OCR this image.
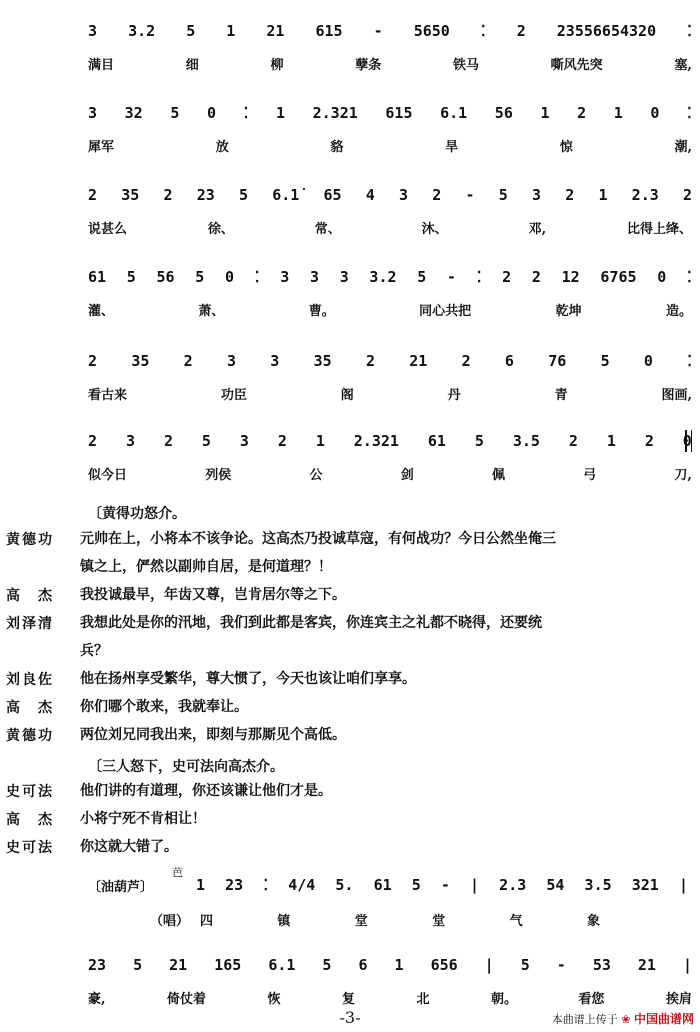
3 3.2 5 1 21 615 - 5650 ⁚ 2 23556654320 ⁚
满目	细	柳	孽条	铁马	嘶风先突	塞,
3 32 5 0 ⁚ 1 2.321 615 6.1 56 1 2 1 0 ⁚
犀军	放	貉	旱	惊	潮,
2 35 2 23 5 6.1̇ 65 4 3 2 - 5 3 2 1 2.3 2
说甚么	徐、	常、	沐、	邓,	比得上绛、
61 5 56 5 0 ⁚ 3 3 3 3.2 5 - ⁚ 2 2 12 6765 0 ⁚
灌、	萧、	曹。	同心共把	乾坤	造。
2 35 2 3 3 35 2 21 2 6 76 5 0 ⁚
看古来	功臣	阁	丹	青	图画,
2 3 2 5 3 2 1 2.321 61 5 3.5 2 1 2 0
似今日	列侯	公	剑	佩	弓	刀,
〔黄得功怒介。
黄德功	元帅在上，小将本不该争论。这高杰乃投诚草寇，有何战功？今日公然坐俺三
镇之上，俨然以副帅自居，是何道理？！
高　杰	我投诚最早，年齿又尊，岂肯居尔等之下。
刘泽清	我想此处是你的汛地，我们到此都是客宾，你连宾主之礼都不晓得，还要统
兵？
刘良佐	他在扬州享受繁华，尊大惯了，今天也该让咱们享享。
高　杰	你们哪个敢来，我就奉让。
黄德功	两位刘兄同我出来，即刻与那厮见个高低。
〔三人怒下，史可法向高杰介。
史可法	他们讲的有道理，你还该谦让他们才是。
高　杰	小将宁死不肯相让！
史可法	你这就大错了。
〔油葫芦〕
芭
1 23 ⁚ 4/4 5. 61 5 - | 2.3 54 3.5 321 |
（唱） 四	镇	堂	堂	气	象
23 5 21 165 6.1 5 6 1 656 | 5 - 53 21 |
豪,	倚仗着	恢	复	北	朝。	看您	挨肩
-3-	本曲谱上传于 ❀ 中国曲谱网
